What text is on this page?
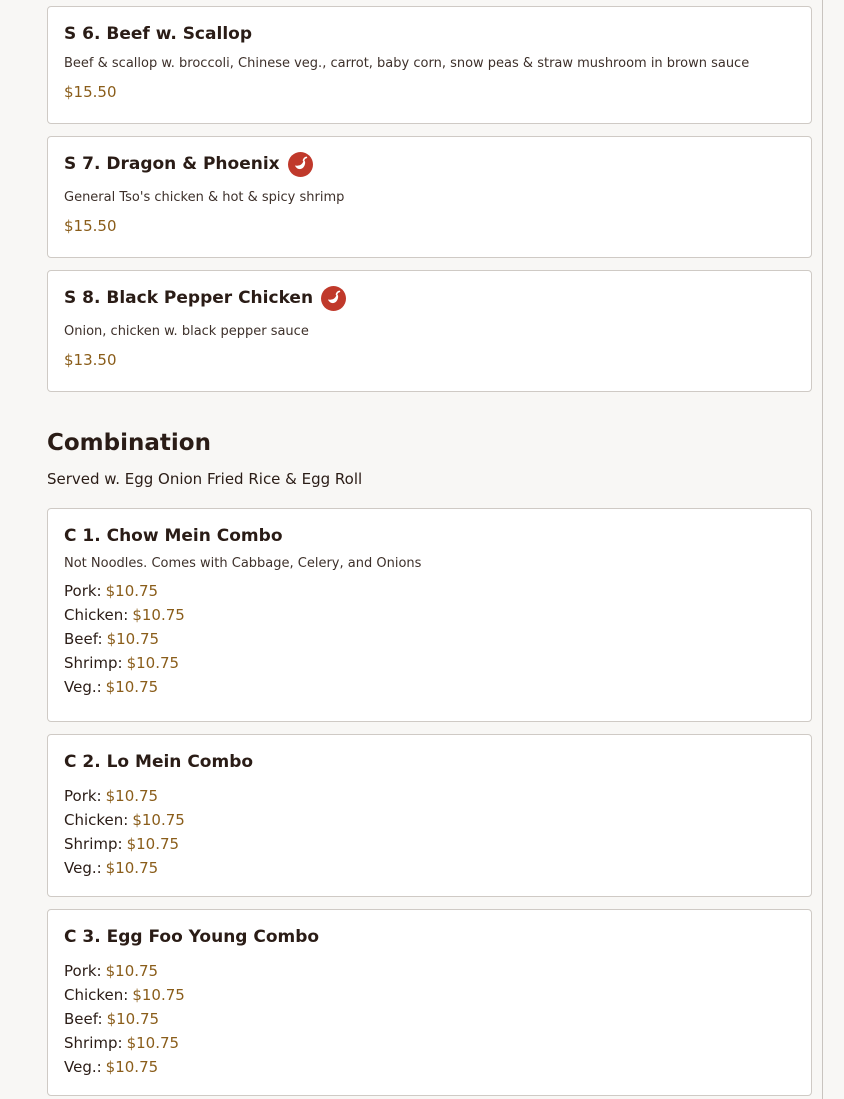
S 6. Beef w. Scallop
Beef & scallop w. broccoli, Chinese veg., carrot, baby corn, snow peas & straw mushroom in brown sauce
$15.50
S 7. Dragon & Phoenix
General Tso's chicken & hot & spicy shrimp
$15.50
S 8. Black Pepper Chicken
Onion, chicken w. black pepper sauce
$13.50
Combination
Served w. Egg Onion Fried Rice & Egg Roll
C 1. Chow Mein Combo
Not Noodles. Comes with Cabbage, Celery, and Onions
Pork: $10.75
Chicken: $10.75
Beef: $10.75
Shrimp: $10.75
Veg.: $10.75
C 2. Lo Mein Combo
Pork: $10.75
Chicken: $10.75
Shrimp: $10.75
Veg.: $10.75
C 3. Egg Foo Young Combo
Pork: $10.75
Chicken: $10.75
Beef: $10.75
Shrimp: $10.75
Veg.: $10.75
